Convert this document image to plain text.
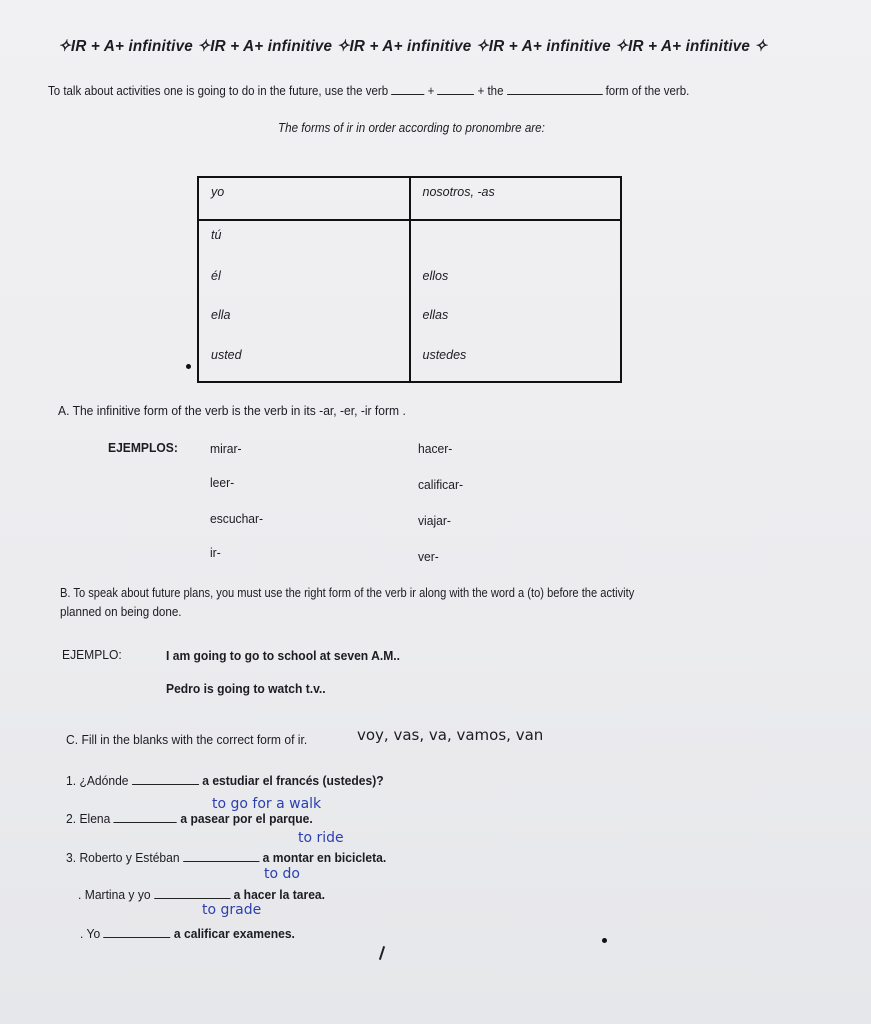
✧IR + A+ infinitive ✧IR + A+ infinitive ✧IR + A+ infinitive ✧IR + A+ infinitive ✧IR + A+ infinitive ✧
To talk about activities one is going to do in the future, use the verb	+	+ the	form of the verb.
The forms of ir in order according to pronombre are:
yo	nosotros, -as
tú	
él	ellos
ella	ellas
usted	ustedes
A. The infinitive form of the verb is the verb in its -ar, -er, -ir form .
EJEMPLOS: mirar-
leer-
escuchar-
ir-
hacer-
calificar-
viajar-
ver-
B. To speak about future plans, you must use the right form of the verb ir along with the word a (to) before the activity
planned on being done.
EJEMPLO:	I am going to go to school at seven A.M..
Pedro is going to watch t.v..
C. Fill in the blanks with the correct form of ir.	voy, vas, va, vamos, van
1. ¿Adónde	a estudiar el francés (ustedes)?
to go for a walk
2. Elena	a pasear por el parque.
to ride
3. Roberto y Estéban	a montar en bicicleta.
to do
. Martina y yo	a hacer la tarea.
to grade
. Yo	a calificar examenes.
